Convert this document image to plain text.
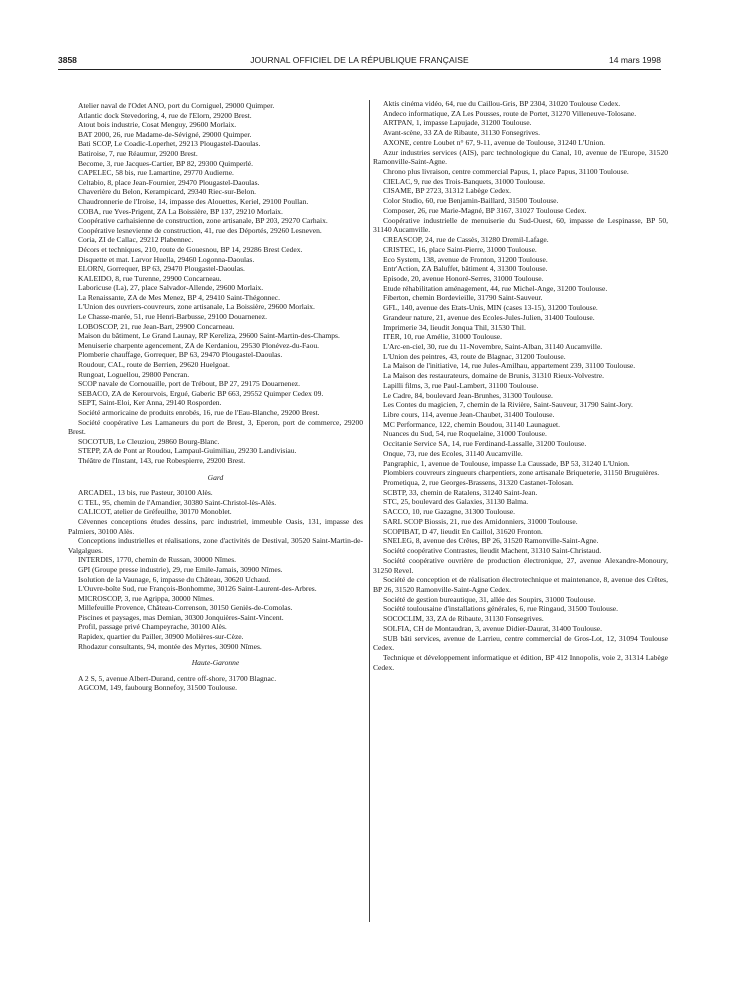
3858	JOURNAL OFFICIEL DE LA RÉPUBLIQUE FRANÇAISE	14 mars 1998

Atelier naval de l'Odet ANO, port du Corniguel, 29000 Quimper.

Atlantic dock Stevedoring, 4, rue de l'Elorn, 29200 Brest.

Atout bois industrie, Cosat Menguy, 29600 Morlaix.

BAT 2000, 26, rue Madame-de-Sévigné, 29000 Quimper.

Bati SCOP, Le Coadic-Loperhet, 29213 Plougastel-Daoulas.

Batiroise, 7, rue Réaumur, 29200 Brest.

Become, 3, rue Jacques-Cartier, BP 82, 29300 Quimperlé.

CAPELEC, 58 bis, rue Lamartine, 29770 Audierne.

Celtabio, 8, place Jean-Fournier, 29470 Plougastel-Daoulas.

Chaverière du Belon, Kerampicard, 29340 Riec-sur-Belon.

Chaudronnerie de l'Iroise, 14, impasse des Alouettes, Keriel, 29100 Poullan.

COBA, rue Yves-Prigent, ZA La Boissière, BP 137, 29210 Morlaix.

Coopérative carhaisienne de construction, zone artisanale, BP 203, 29270 Carhaix.

Coopérative lesnevienne de construction, 41, rue des Déportés, 29260 Lesneven.

Coria, ZI de Callac, 29212 Plabennec.

Décors et techniques, 210, route de Gouesnou, BP 14, 29286 Brest Cedex.

Disquette et mat. Larvor Huella, 29460 Logonna-Daoulas.

ELORN, Gorrequer, BP 63, 29470 Plougastel-Daoulas.

KALEIDO, 8, rue Turenne, 29900 Concarneau.

Laboricuse (La), 27, place Salvador-Allende, 29600 Morlaix.

La Renaissante, ZA de Mes Menez, BP 4, 29410 Saint-Thégonnec.

L'Union des ouvriers-couvreurs, zone artisanale, La Boissière, 29600 Morlaix.

Le Chasse-marée, 51, rue Henri-Barbusse, 29100 Douarnenez.

LOBOSCOP, 21, rue Jean-Bart, 29900 Concarneau.

Maison du bâtiment, Le Grand Launay, RP Kerelizа, 29600 Saint-Martin-des-Champs.

Menuiserie charpente agencement, ZA de Kerdaniou, 29530 Plonévez-du-Faou.

Plomberie chauffage, Gorrequer, BP 63, 29470 Plougastel-Daoulas.

Roudour, CAL, route de Berrien, 29620 Huelgoat.

Rungoat, Loguellou, 29800 Pencran.

SCOP navale de Cornouaille, port de Trébout, BP 27, 29175 Douarnenez.

SEBACO, ZA de Kerourvois, Ergué, Gaberic BP 663, 29552 Quimper Cedex 09.

SEPT, Saint-Eloi, Ker Anna, 29140 Rosporden.

Société armoricaine de produits enrobés, 16, rue de l'Eau-Blanche, 29200 Brest.

Société coopérative Les Lamaneurs du port de Brest, 3, Eperon, port de commerce, 29200 Brest.

SOCOTUB, Le Cleuziou, 29860 Bourg-Blanc.

STEPP, ZA de Pont ar Roudou, Lampaul-Guimiliau, 29230 Landivisiau.

Théâtre de l'Instant, 143, rue Robespierre, 29200 Brest.

Gard

ARCADEL, 13 bis, rue Pasteur, 30100 Alès.

C TEL, 95, chemin de l'Amandier, 30380 Saint-Christol-lès-Alès.

CALICOT, atelier de Gréfeuilhe, 30170 Monoblet.

Cévennes conceptions études dessins, parc industriel, immeuble Oasis, 131, impasse des Palmiers, 30100 Alès.

Conceptions industrielles et réalisations, zone d'activités de Destival, 30520 Saint-Martin-de-Valgalgues.

INTERDIS, 1770, chemin de Russan, 30000 Nîmes.

GPI (Groupe presse industrie), 29, rue Emile-Jamais, 30900 Nîmes.

Isolution de la Vaunage, 6, impasse du Château, 30620 Uchaud.

L'Ouvre-boîte Sud, rue François-Bonhomme, 30126 Saint-Laurent-des-Arbres.

MICROSCOP, 3, rue Agrippa, 30000 Nîmes.

Millefeuille Provence, Château-Correnson, 30150 Geniès-de-Comolas.

Piscines et paysages, mas Demian, 30300 Jonquières-Saint-Vincent.

Profil, passage privé Champeyrache, 30100 Alès.

Rapidex, quartier du Pailler, 30900 Molières-sur-Cèze.

Rhodazur consultants, 94, montée des Myrtes, 30900 Nîmes.

Haute-Garonne

A 2 S, 5, avenue Albert-Durand, centre off-shore, 31700 Blagnac.

AGCOM, 149, faubourg Bonnefoy, 31500 Toulouse.

Aktis cinéma vidéo, 64, rue du Caillou-Gris, BP 2304, 31020 Toulouse Cedex.

Andeco informatique, ZA Les Pousses, route de Portet, 31270 Villeneuve-Tolosane.

ARTPAN, 1, impasse Lapujade, 31200 Toulouse.

Avant-scène, 33 ZA de Ribaute, 31130 Fonsegrives.

AXONE, centre Loubet n° 67, 9-11, avenue de Toulouse, 31240 L'Union.

Azur industries services (AIS), parc technologique du Canal, 10, avenue de l'Europe, 31520 Ramonville-Saint-Agne.

Chrono plus livraison, centre commercial Papus, 1, place Papus, 31100 Toulouse.

CIELAC, 9, rue des Trois-Banquets, 31000 Toulouse.

CISAME, BP 2723, 31312 Labège Cedex.

Color Studio, 60, rue Benjamin-Baillard, 31500 Toulouse.

Composer, 26, rue Marie-Magné, BP 3167, 31027 Toulouse Cedex.

Coopérative industrielle de menuiserie du Sud-Ouest, 60, impasse de Lespinasse, BP 50, 31140 Aucamville.

CREASCOP, 24, rue de Cassès, 31280 Dremil-Lafage.

CRISTEC, 16, place Saint-Pierre, 31000 Toulouse.

Eco System, 138, avenue de Fronton, 31200 Toulouse.

Entr'Action, ZA Baluffet, bâtiment 4, 31300 Toulouse.

Episode, 20, avenue Honoré-Serres, 31000 Toulouse.

Etude réhabilitation aménagement, 44, rue Michel-Ange, 31200 Toulouse.

Fiberton, chemin Bordevieille, 31790 Saint-Sauveur.

GFL, 140, avenue des Etats-Unis, MIN (cases 13-15), 31200 Toulouse.

Grandeur nature, 21, avenue des Ecoles-Jules-Julien, 31400 Toulouse.

Imprimerie 34, lieudit Jonqua Thil, 31530 Thil.

ITER, 10, rue Amélie, 31000 Toulouse.

L'Arc-en-ciel, 30, rue du 11-Novembre, Saint-Alban, 31140 Aucamville.

L'Union des peintres, 43, route de Blagnac, 31200 Toulouse.

La Maison de l'initiative, 14, rue Jules-Amilhau, appartement 239, 31100 Toulouse.

La Maison des restaurateurs, domaine de Brunis, 31310 Rieux-Volvestre.

Lapilli films, 3, rue Paul-Lambert, 31100 Toulouse.

Le Cadre, 84, boulevard Jean-Brunhes, 31300 Toulouse.

Les Contes du magicien, 7, chemin de la Rivière, Saint-Sauveur, 31790 Saint-Jory.

Libre cours, 114, avenue Jean-Chaubet, 31400 Toulouse.

MC Performance, 122, chemin Boudou, 31140 Launaguet.

Nuances du Sud, 54, rue Roquelaine, 31000 Toulouse.

Occitanie Service SA, 14, rue Ferdinand-Lassalle, 31200 Toulouse.

Onque, 73, rue des Ecoles, 31140 Aucamville.

Pangraphic, 1, avenue de Toulouse, impasse La Caussade, BP 53, 31240 L'Union.

Plombiers couvreurs zingueurs charpentiers, zone artisanale Briqueterie, 31150 Bruguières.

Prometiqua, 2, rue Georges-Brassens, 31320 Castanet-Tolosan.

SCBTP, 33, chemin de Ratalens, 31240 Saint-Jean.

STC, 25, boulevard des Galaxies, 31130 Balma.

SACCO, 10, rue Gazagne, 31300 Toulouse.

SARL SCOP Biossis, 21, rue des Amidonniers, 31000 Toulouse.

SCOPIBAT, D 47, lieudit En Caillol, 31620 Fronton.

SNELEG, 8, avenue des Crêtes, BP 26, 31520 Ramonville-Saint-Agne.

Société coopérative Contrastes, lieudit Machent, 31310 Saint-Christaud.

Société coopérative ouvrière de production électronique, 27, avenue Alexandre-Monoury, 31250 Revel.

Société de conception et de réalisation électrotechnique et maintenance, 8, avenue des Crêtes, BP 26, 31520 Ramonville-Saint-Agne Cedex.

Société de gestion bureautique, 31, allée des Soupirs, 31000 Toulouse.

Société toulousaine d'installations générales, 6, rue Ringaud, 31500 Toulouse.

SOCOCLIM, 33, ZA de Ribaute, 31130 Fonsegrives.

SOLFIA, CH de Montaudran, 3, avenue Didier-Daurat, 31400 Toulouse.

SUB bâti services, avenue de Larrieu, centre commercial de Gros-Lot, 12, 31094 Toulouse Cedex.

Technique et développement informatique et édition, BP 412 Innopolis, voie 2, 31314 Labège Cedex.
